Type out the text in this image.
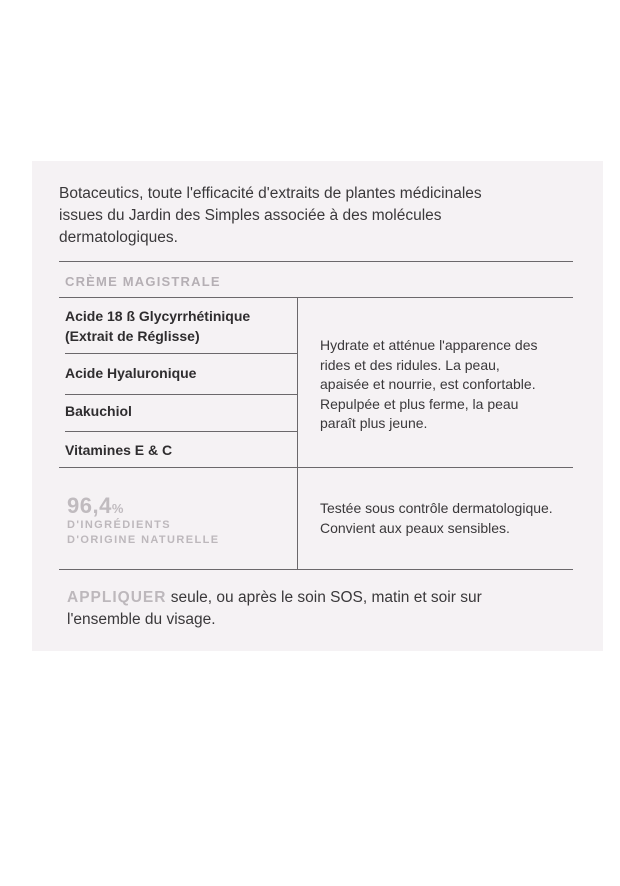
Botaceutics, toute l'efficacité d'extraits de plantes médicinales
issues du Jardin des Simples associée à des molécules
dermatologiques.

CRÈME MAGISTRALE

Acide 18 ß Glycyrrhétinique
(Extrait de Réglisse)

Acide Hyaluronique

Bakuchiol

Vitamines E & C

Hydrate et atténue l'apparence des
rides et des ridules. La peau,
apaisée et nourrie, est confortable.
Repulpée et plus ferme, la peau
paraît plus jeune.

96,4%

D'INGRÉDIENTS

D'ORIGINE NATURELLE

Testée sous contrôle dermatologique.
Convient aux peaux sensibles.

APPLIQUER seule, ou après le soin SOS, matin et soir sur
l'ensemble du visage.
